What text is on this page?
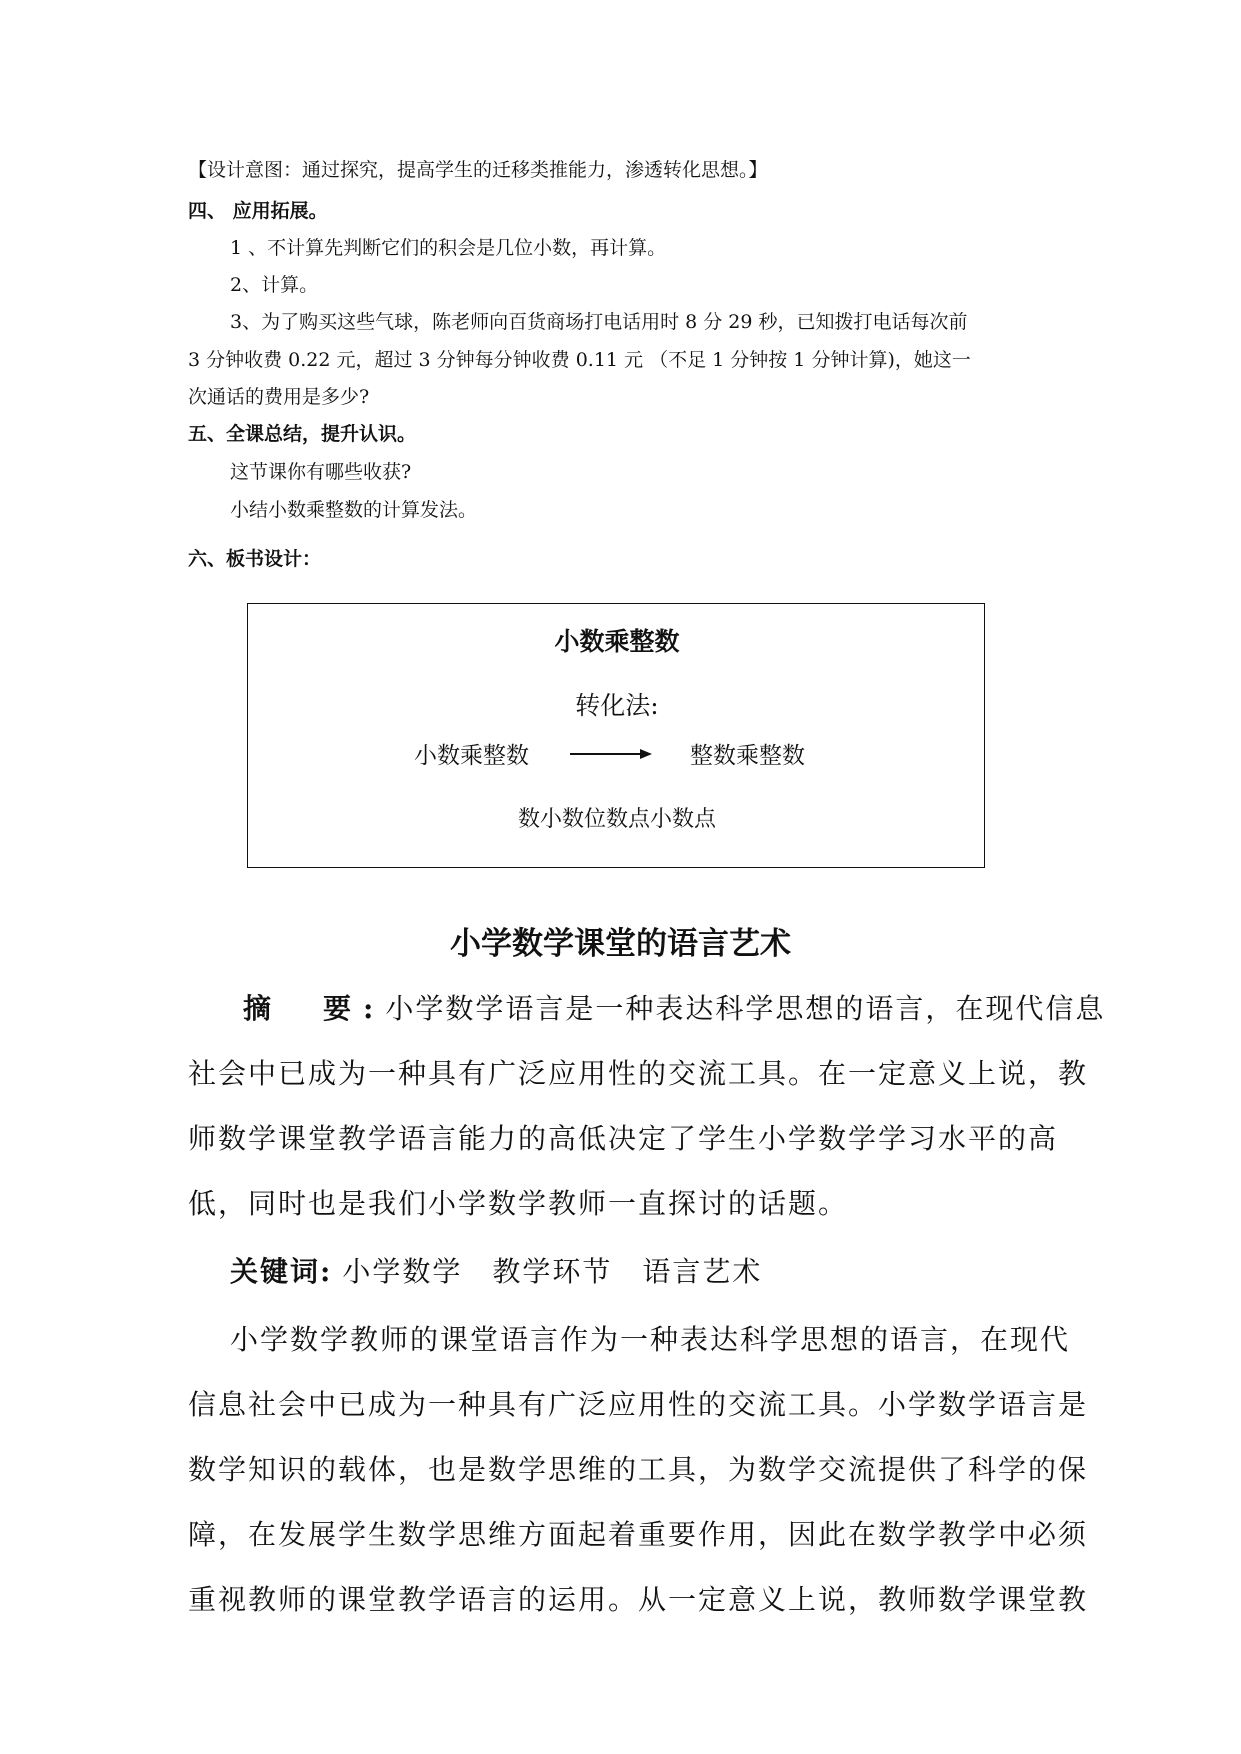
【设计意图：通过探究，提高学生的迁移类推能力，渗透转化思想。】
四、 应用拓展。
1 、不计算先判断它们的积会是几位小数，再计算。
2、计算。
3、为了购买这些气球，陈老师向百货商场打电话用时 8 分 29 秒，已知拨打电话每次前
3 分钟收费 0.22 元，超过 3 分钟每分钟收费 0.11 元 （不足 1 分钟按 1 分钟计算)，她这一
次通话的费用是多少?
五、全课总结，提升认识。
这节课你有哪些收获?
小结小数乘整数的计算发法。
六、板书设计：
小数乘整数
转化法:
小数乘整数	整数乘整数
数小数位数点小数点
小学数学课堂的语言艺术
摘　要:小学数学语言是一种表达科学思想的语言，在现代信息
社会中已成为一种具有广泛应用性的交流工具。在一定意义上说，教
师数学课堂教学语言能力的高低决定了学生小学数学学习水平的高
低，同时也是我们小学数学教师一直探讨的话题。
关键词: 小学数学　教学环节　语言艺术
小学数学教师的课堂语言作为一种表达科学思想的语言，在现代
信息社会中已成为一种具有广泛应用性的交流工具。小学数学语言是
数学知识的载体，也是数学思维的工具，为数学交流提供了科学的保
障，在发展学生数学思维方面起着重要作用，因此在数学教学中必须
重视教师的课堂教学语言的运用。从一定意义上说，教师数学课堂教
